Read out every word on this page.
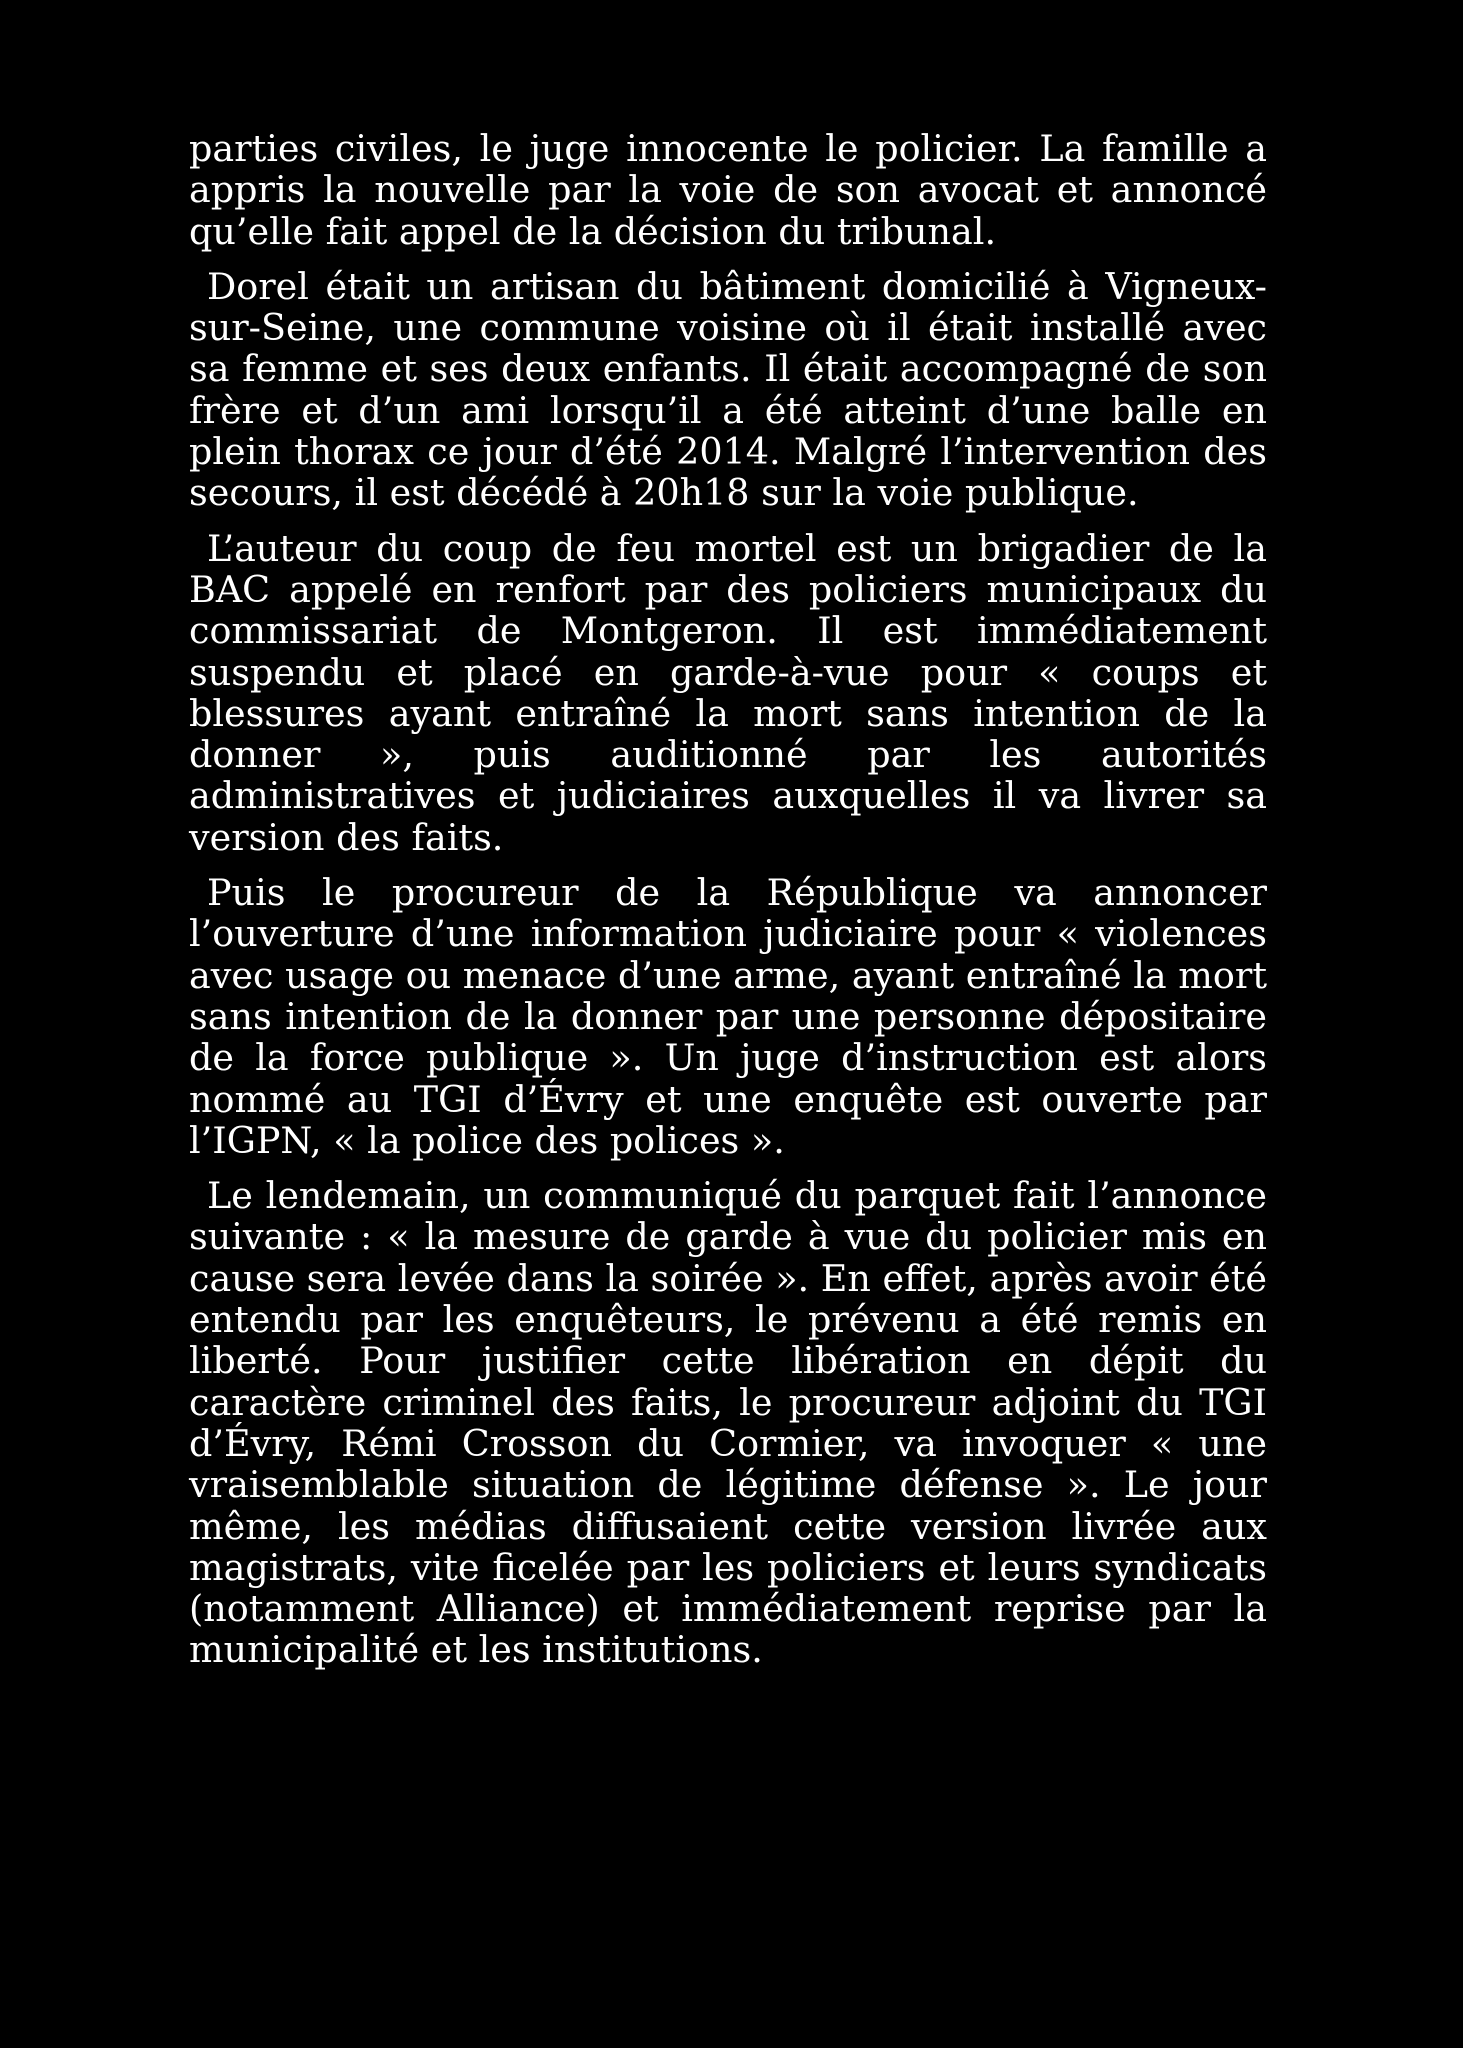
parties civiles, le juge innocente le policier. La famille a appris la nouvelle par la voie de son avocat et annoncé qu’elle fait appel de la décision du tribunal.

Dorel était un artisan du bâtiment domicilié à Vigneux-sur-Seine, une commune voisine où il était installé avec sa femme et ses deux enfants. Il était accompagné de son frère et d’un ami lorsqu’il a été atteint d’une balle en plein thorax ce jour d’été 2014. Malgré l’intervention des secours, il est décédé à 20h18 sur la voie publique.

L’auteur du coup de feu mortel est un brigadier de la BAC appelé en renfort par des policiers municipaux du commissariat de Montgeron. Il est immédiatement suspendu et placé en garde-à-vue pour « coups et blessures ayant entraîné la mort sans intention de la donner », puis auditionné par les autorités administratives et judiciaires auxquelles il va livrer sa version des faits.

Puis le procureur de la République va annoncer l’ouverture d’une information judiciaire pour « violences avec usage ou menace d’une arme, ayant entraîné la mort sans intention de la donner par une personne dépositaire de la force publique ». Un juge d’instruction est alors nommé au TGI d’Évry et une enquête est ouverte par l’IGPN, « la police des polices ».

Le lendemain, un communiqué du parquet fait l’annonce suivante : « la mesure de garde à vue du policier mis en cause sera levée dans la soirée ». En effet, après avoir été entendu par les enquêteurs, le prévenu a été remis en liberté. Pour justifier cette libération en dépit du caractère criminel des faits, le procureur adjoint du TGI d’Évry, Rémi Crosson du Cormier, va invoquer « une vraisemblable situation de légitime défense ». Le jour même, les médias diffusaient cette version livrée aux magistrats, vite ficelée par les policiers et leurs syndicats (notamment Alliance) et immédiatement reprise par la municipalité et les institutions.
